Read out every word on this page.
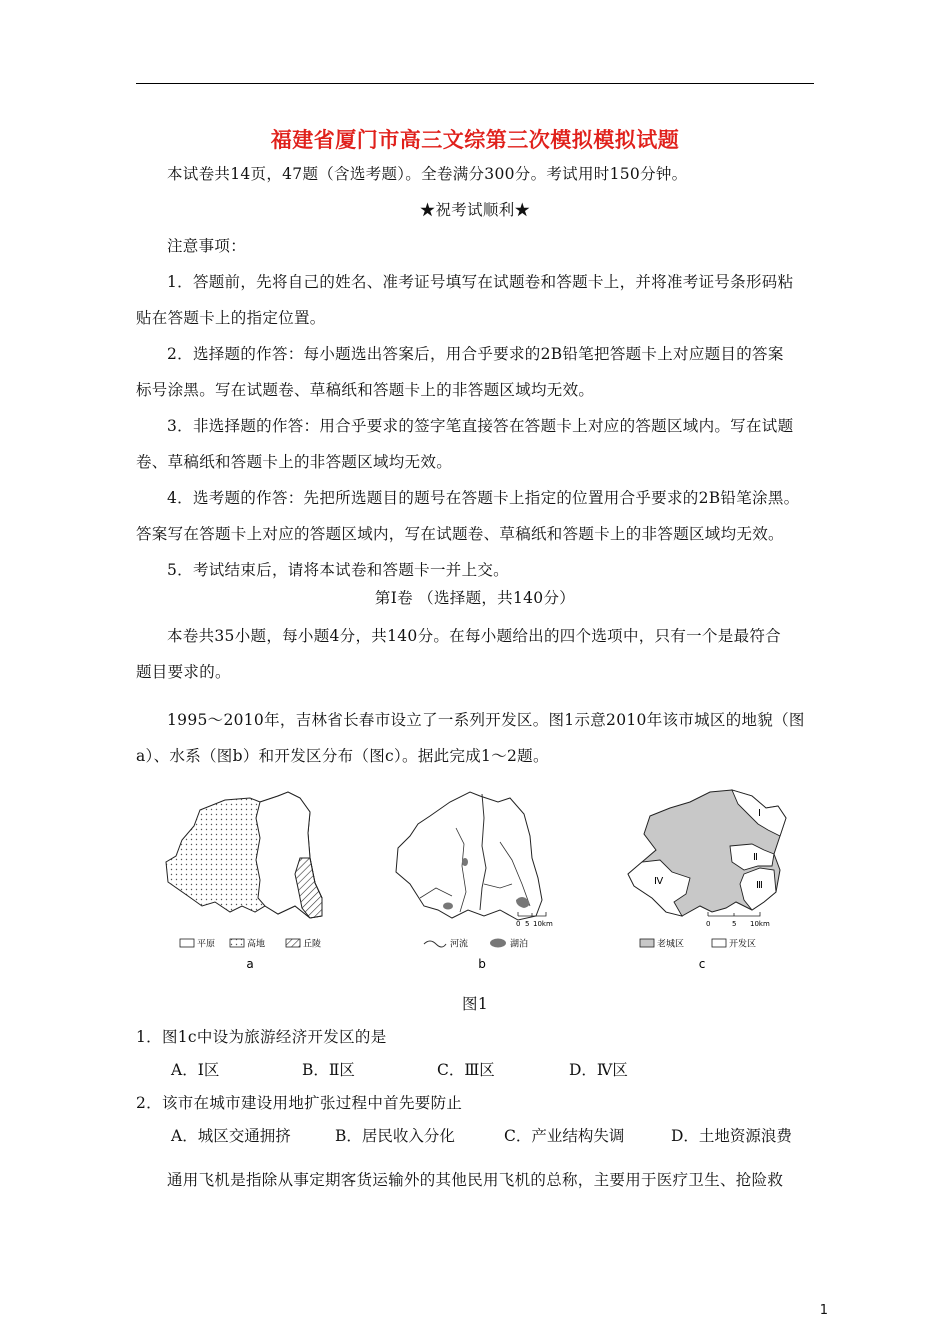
福建省厦门市高三文综第三次模拟模拟试题
本试卷共14页，47题（含选考题）。全卷满分300分。考试用时150分钟。
★祝考试顺利★
注意事项：
1．答题前，先将自己的姓名、准考证号填写在试题卷和答题卡上，并将准考证号条形码粘
贴在答题卡上的指定位置。
2．选择题的作答：每小题选出答案后，用合乎要求的2B铅笔把答题卡上对应题目的答案
标号涂黑。写在试题卷、草稿纸和答题卡上的非答题区域均无效。
3．非选择题的作答：用合乎要求的签字笔直接答在答题卡上对应的答题区域内。写在试题
卷、草稿纸和答题卡上的非答题区域均无效。
4．选考题的作答：先把所选题目的题号在答题卡上指定的位置用合乎要求的2B铅笔涂黑。
答案写在答题卡上对应的答题区域内，写在试题卷、草稿纸和答题卡上的非答题区域均无效。
5．考试结束后，请将本试卷和答题卡一并上交。
第Ⅰ卷 （选择题，共140分）
本卷共35小题，每小题4分，共140分。在每小题给出的四个选项中，只有一个是最符合
题目要求的。
1995～2010年，吉林省长春市设立了一系列开发区。图1示意2010年该市城区的地貌（图
a）、水系（图b）和开发区分布（图c）。据此完成1～2题。
平原	高地	丘陵
a
0 5 10km
河流	湖泊
b
Ⅰ
Ⅱ
Ⅲ
Ⅳ
0	5 10km
老城区	开发区
c
图1
1．图1c中设为旅游经济开发区的是
A．Ⅰ区	B．Ⅱ区	C．Ⅲ区	D．Ⅳ区
2．该市在城市建设用地扩张过程中首先要防止
A．城区交通拥挤	B．居民收入分化	C．产业结构失调	D．土地资源浪费
通用飞机是指除从事定期客货运输外的其他民用飞机的总称，主要用于医疗卫生、抢险救
1
